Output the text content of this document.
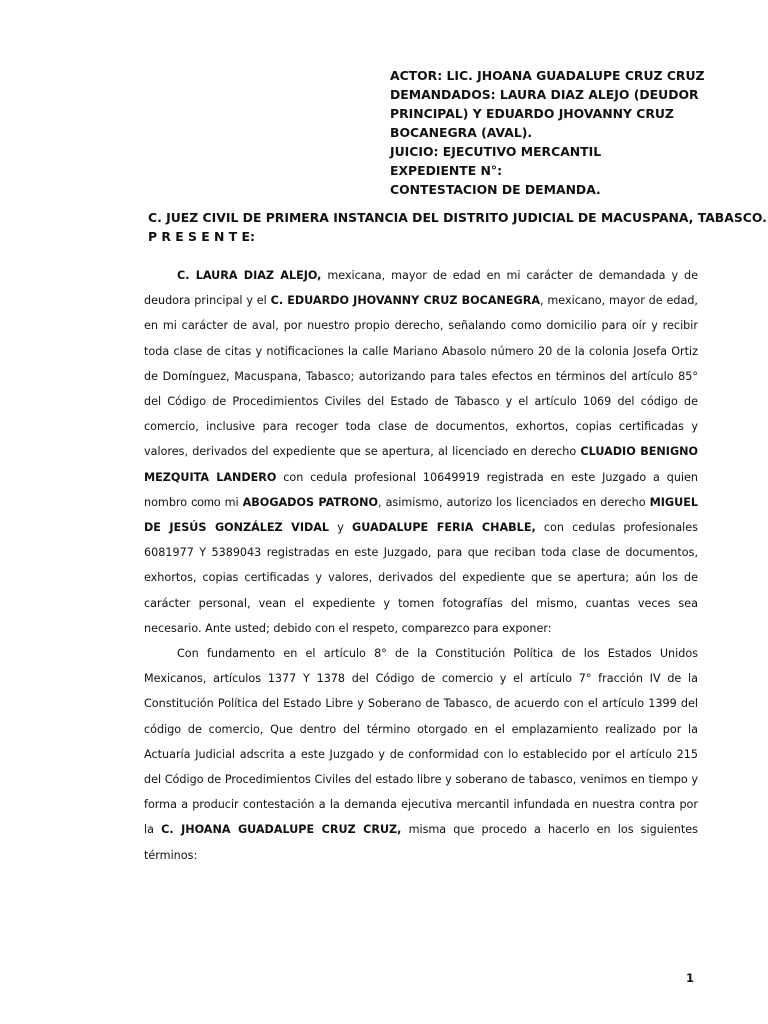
ACTOR: LIC. JHOANA GUADALUPE CRUZ CRUZ
DEMANDADOS: LAURA DIAZ ALEJO (DEUDOR
PRINCIPAL) Y EDUARDO JHOVANNY CRUZ
BOCANEGRA (AVAL).
JUICIO: EJECUTIVO MERCANTIL
EXPEDIENTE N°:
CONTESTACION DE DEMANDA.
C. JUEZ CIVIL DE PRIMERA INSTANCIA DEL DISTRITO JUDICIAL DE MACUSPANA, TABASCO.
P R E S E N T E:

C. LAURA DIAZ ALEJO, mexicana, mayor de edad en mi carácter de demandada y de deudora principal y el C. EDUARDO JHOVANNY CRUZ BOCANEGRA, mexicano, mayor de edad, en mi carácter de aval, por nuestro propio derecho, señalando como domicilio para oír y recibir toda clase de citas y notificaciones la calle Mariano Abasolo número 20 de la colonia Josefa Ortiz de Domínguez, Macuspana, Tabasco; autorizando para tales efectos en términos del artículo 85° del Código de Procedimientos Civiles del Estado de Tabasco y el artículo 1069 del código de comercio, inclusive para recoger toda clase de documentos, exhortos, copias certificadas y valores, derivados del expediente que se apertura, al licenciado en derecho CLUADIO BENIGNO MEZQUITA LANDERO con cedula profesional 10649919 registrada en este Juzgado a quien nombro como mi ABOGADOS PATRONO, asimismo, autorizo los licenciados en derecho MIGUEL DE JESÚS GONZÁLEZ VIDAL y GUADALUPE FERIA CHABLE, con cedulas profesionales 6081977 Y 5389043 registradas en este Juzgado, para que reciban toda clase de documentos, exhortos, copias certificadas y valores, derivados del expediente que se apertura; aún los de carácter personal, vean el expediente y tomen fotografías del mismo, cuantas veces sea necesario. Ante usted; debido con el respeto, comparezco para exponer:

Con fundamento en el artículo 8° de la Constitución Política de los Estados Unidos Mexicanos, artículos 1377 Y 1378 del Código de comercio y el artículo 7° fracción IV de la Constitución Política del Estado Libre y Soberano de Tabasco, de acuerdo con el artículo 1399 del código de comercio, Que dentro del término otorgado en el emplazamiento realizado por la Actuaría Judicial adscrita a este Juzgado y de conformidad con lo establecido por el artículo 215 del Código de Procedimientos Civiles del estado libre y soberano de tabasco, venimos en tiempo y forma a producir contestación a la demanda ejecutiva mercantil infundada en nuestra contra por la C. JHOANA GUADALUPE CRUZ CRUZ, misma que procedo a hacerlo en los siguientes términos:

1
